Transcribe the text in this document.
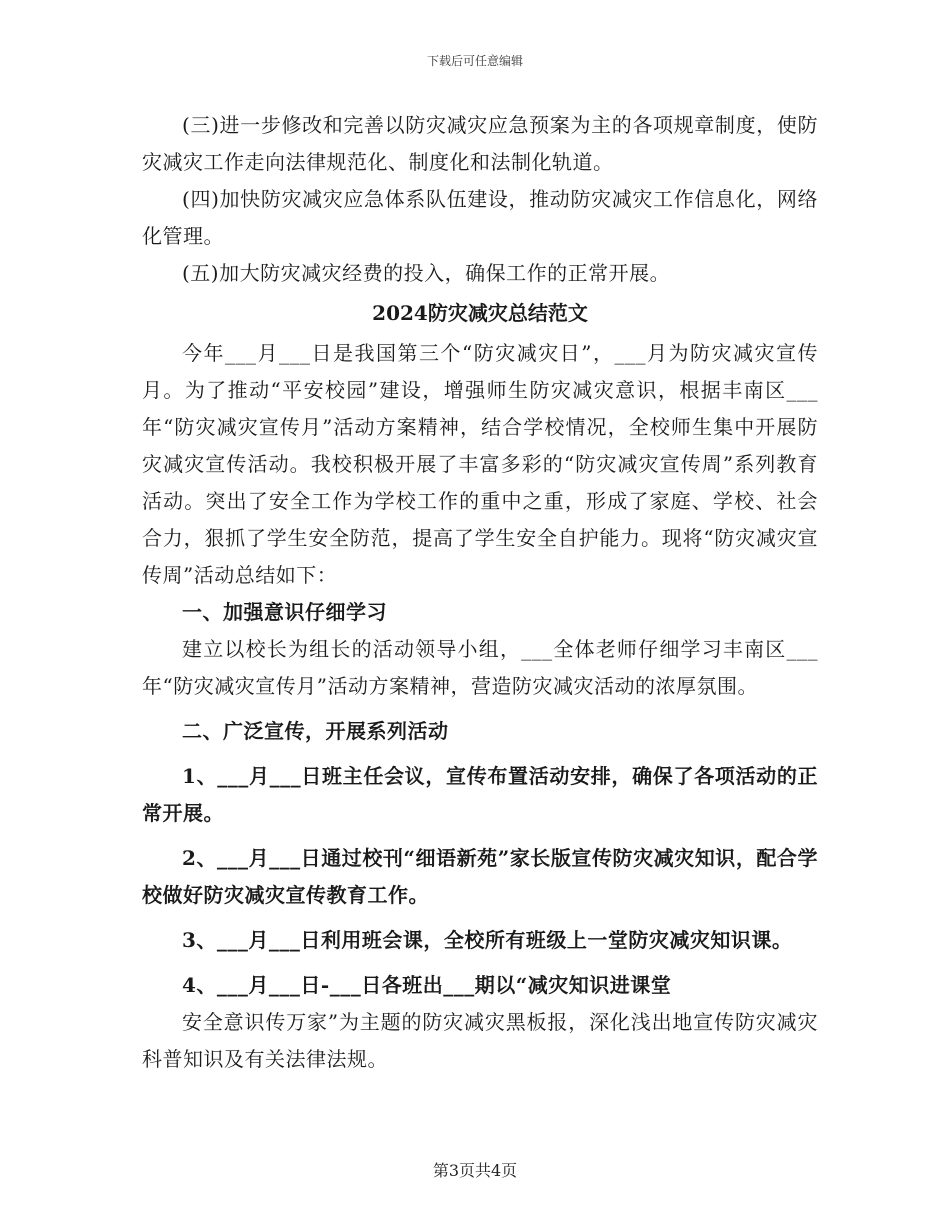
下载后可任意编辑

(三)进一步修改和完善以防灾减灾应急预案为主的各项规章制度，使防灾减灾工作走向法律规范化、制度化和法制化轨道。

(四)加快防灾减灾应急体系队伍建设，推动防灾减灾工作信息化，网络化管理。

(五)加大防灾减灾经费的投入，确保工作的正常开展。

2024防灾减灾总结范文

今年___月___日是我国第三个“防灾减灾日”，___月为防灾减灾宣传月。为了推动“平安校园”建设，增强师生防灾减灾意识，根据丰南区___年“防灾减灾宣传月”活动方案精神，结合学校情况，全校师生集中开展防灾减灾宣传活动。我校积极开展了丰富多彩的“防灾减灾宣传周”系列教育活动。突出了安全工作为学校工作的重中之重，形成了家庭、学校、社会合力，狠抓了学生安全防范，提高了学生安全自护能力。现将“防灾减灾宣传周”活动总结如下：

一、加强意识仔细学习

建立以校长为组长的活动领导小组，___全体老师仔细学习丰南区___年“防灾减灾宣传月”活动方案精神，营造防灾减灾活动的浓厚氛围。

二、广泛宣传，开展系列活动

1、___月___日班主任会议，宣传布置活动安排，确保了各项活动的正常开展。

2、___月___日通过校刊“细语新苑”家长版宣传防灾减灾知识，配合学校做好防灾减灾宣传教育工作。

3、___月___日利用班会课，全校所有班级上一堂防灾减灾知识课。

4、___月___日-___日各班出___期以“减灾知识进课堂

安全意识传万家”为主题的防灾减灾黑板报，深化浅出地宣传防灾减灾科普知识及有关法律法规。

第3页共4页
